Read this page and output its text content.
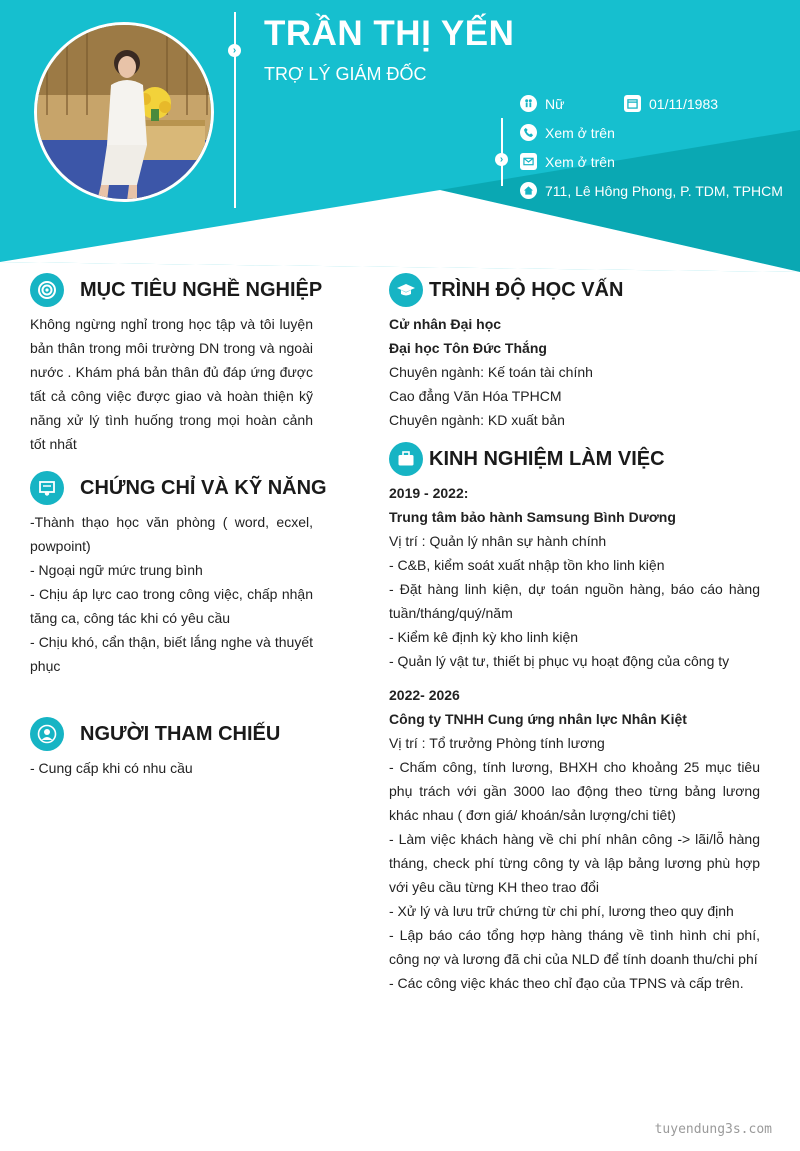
›
›
TRẦN THỊ YẾN

TRỢ LÝ GIÁM ĐỐC

Nữ	01/11/1983
Xem ở trên
Xem ở trên
711, Lê Hông Phong, P. TDM, TPHCM
MỤC TIÊU NGHỀ NGHIỆP

Không ngừng nghỉ trong học tập và tôi luyện bản thân trong môi trường DN trong và ngoài nước . Khám phá bản thân đủ đáp ứng được tất cả công việc được giao và hoàn thiện kỹ năng xử lý tình huống trong mọi hoàn cảnh tốt nhất

CHỨNG CHỈ VÀ KỸ NĂNG

-Thành thạo học văn phòng ( word, ecxel, powpoint)

- Ngoại ngữ mức trung bình

- Chịu áp lực cao trong công việc, chấp nhận tăng ca, công tác khi có yêu cầu

- Chịu khó, cẩn thận, biết lắng nghe và thuyết phục

NGƯỜI THAM CHIẾU

- Cung cấp khi có nhu cầu

TRÌNH ĐỘ HỌC VẤN

Cử nhân Đại học

Đại học Tôn Đức Thắng

Chuyên ngành: Kế toán tài chính

Cao đẳng Văn Hóa TPHCM

Chuyên ngành: KD xuất bản

KINH NGHIỆM LÀM VIỆC

2019 - 2022:

Trung tâm bảo hành Samsung Bình Dương

Vị trí : Quản lý nhân sự hành chính

- C&B, kiểm soát xuất nhập tồn kho linh kiện

- Đặt hàng linh kiện, dự toán nguồn hàng, báo cáo hàng tuần/tháng/quý/năm

- Kiểm kê định kỳ kho linh kiện

- Quản lý vật tư, thiết bị phục vụ hoạt động của công ty

2022- 2026

Công ty TNHH Cung ứng nhân lực Nhân Kiệt

Vị trí : Tổ trưởng Phòng tính lương

- Chấm công, tính lương, BHXH cho khoảng 25 mục tiêu phụ trách với gần 3000 lao động theo từng bảng lương khác nhau ( đơn giá/ khoán/sản lượng/chi tiêt)

- Làm việc khách hàng về chi phí nhân công -> lãi/lỗ hàng tháng, check phí từng công ty và lập bảng lương phù hợp với yêu cầu từng KH theo trao đổi

- Xử lý và lưu trữ chứng từ chi phí, lương theo quy định

- Lập báo cáo tổng hợp hàng tháng về tình hình chi phí, công nợ và lương đã chi của NLD để tính doanh thu/chi phí

- Các công việc khác theo chỉ đạo của TPNS và cấp trên.

tuyendung3s.com
